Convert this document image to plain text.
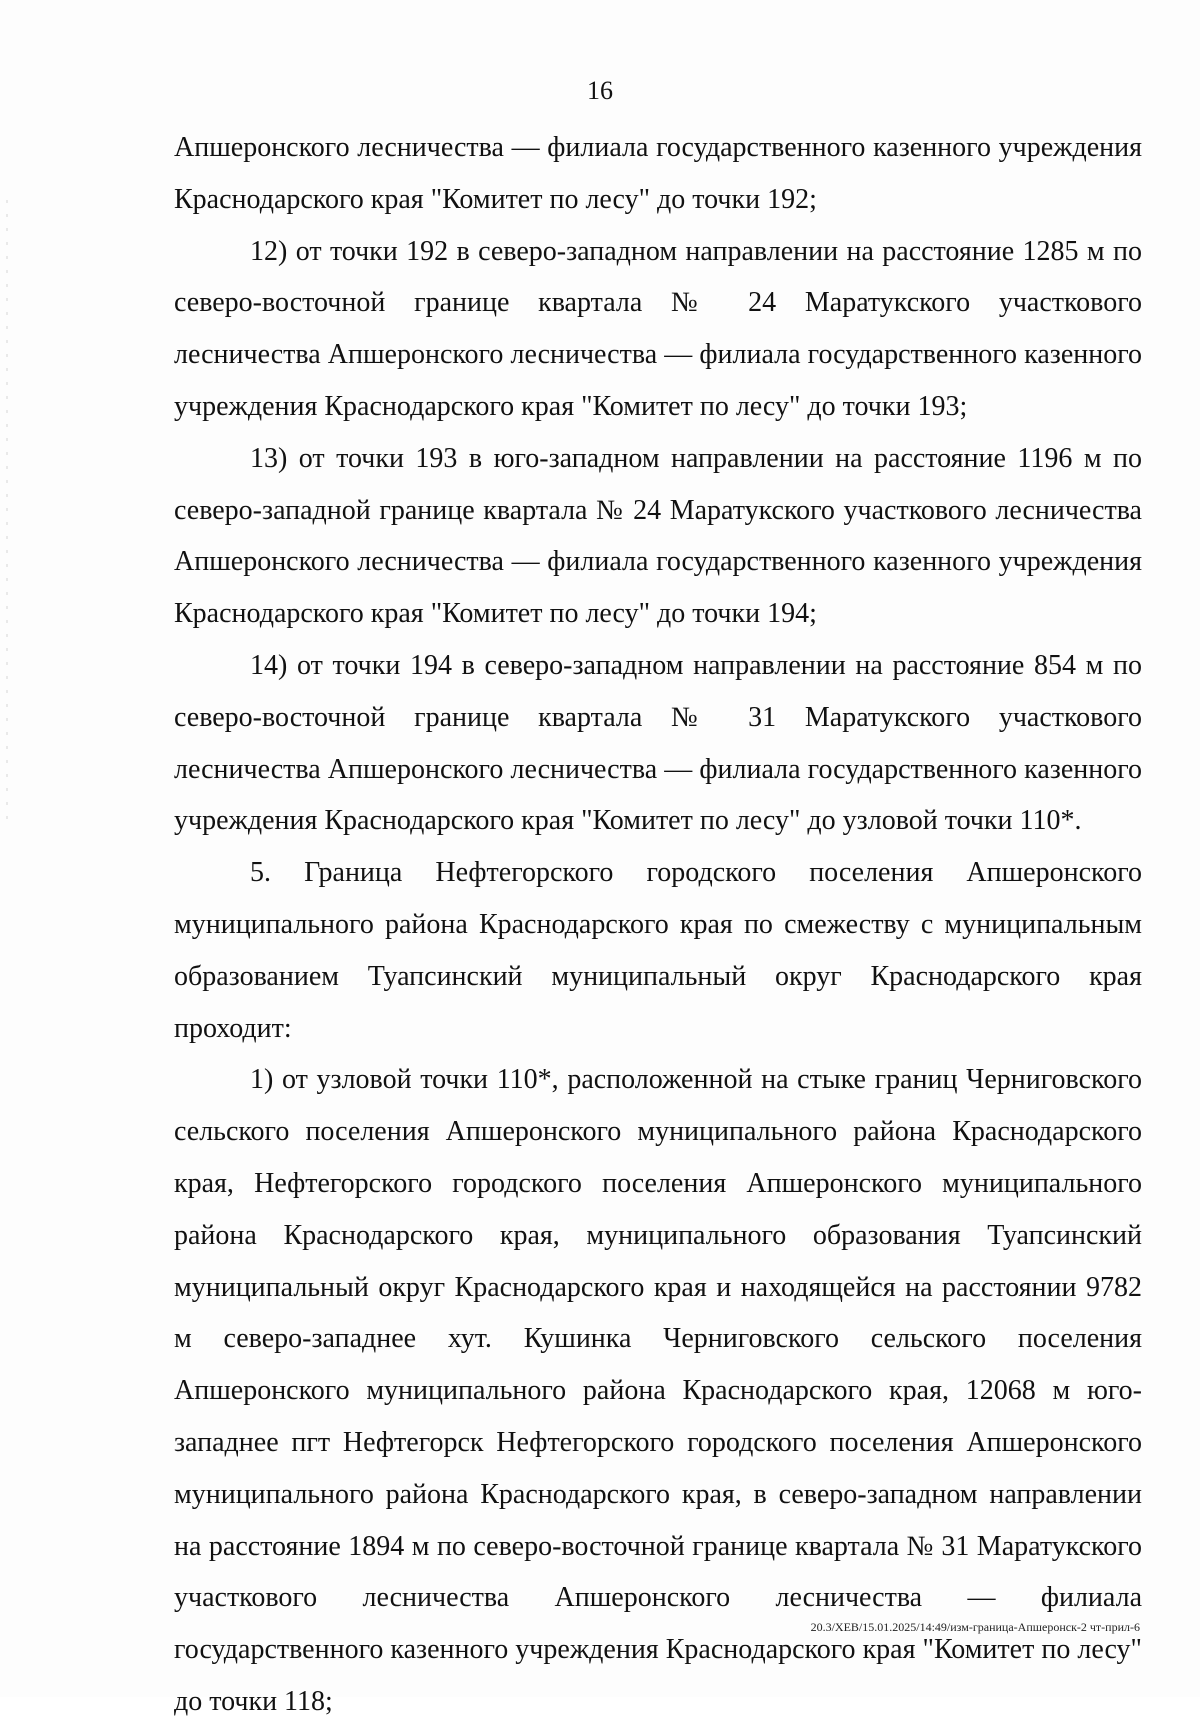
16

Апшеронского лесничества — филиала государственного казенного учреждения Краснодарского края "Комитет по лесу" до точки 192;

12) от точки 192 в северо-западном направлении на расстояние 1285 м по северо-восточной границе квартала № 24 Маратукского участкового лесничества Апшеронского лесничества — филиала государственного казенного учреждения Краснодарского края "Комитет по лесу" до точки 193;

13) от точки 193 в юго-западном направлении на расстояние 1196 м по северо-западной границе квартала № 24 Маратукского участкового лесничества Апшеронского лесничества — филиала государственного казенного учреждения Краснодарского края "Комитет по лесу" до точки 194;

14) от точки 194 в северо-западном направлении на расстояние 854 м по северо-восточной границе квартала № 31 Маратукского участкового лесничества Апшеронского лесничества — филиала государственного казенного учреждения Краснодарского края "Комитет по лесу" до узловой точки 110*.

5. Граница Нефтегорского городского поселения Апшеронского муниципального района Краснодарского края по смежеству с муниципальным образованием Туапсинский муниципальный округ Краснодарского края проходит:

1) от узловой точки 110*, расположенной на стыке границ Черниговского сельского поселения Апшеронского муниципального района Краснодарского края, Нефтегорского городского поселения Апшеронского муниципального района Краснодарского края, муниципального образования Туапсинский муниципальный округ Краснодарского края и находящейся на расстоянии 9782 м северо-западнее хут. Кушинка Черниговского сельского поселения Апшеронского муниципального района Краснодарского края, 12068 м юго-западнее пгт Нефтегорск Нефтегорского городского поселения Апшеронского муниципального района Краснодарского края, в северо-западном направлении на расстояние 1894 м по северо-восточной границе квартала № 31 Маратукского участкового лесничества Апшеронского лесничества — филиала государственного казенного учреждения Краснодарского края "Комитет по лесу" до точки 118;

20.3/ХЕВ/15.01.2025/14:49/изм-граница-Апшеронск-2 чт-прил-6
